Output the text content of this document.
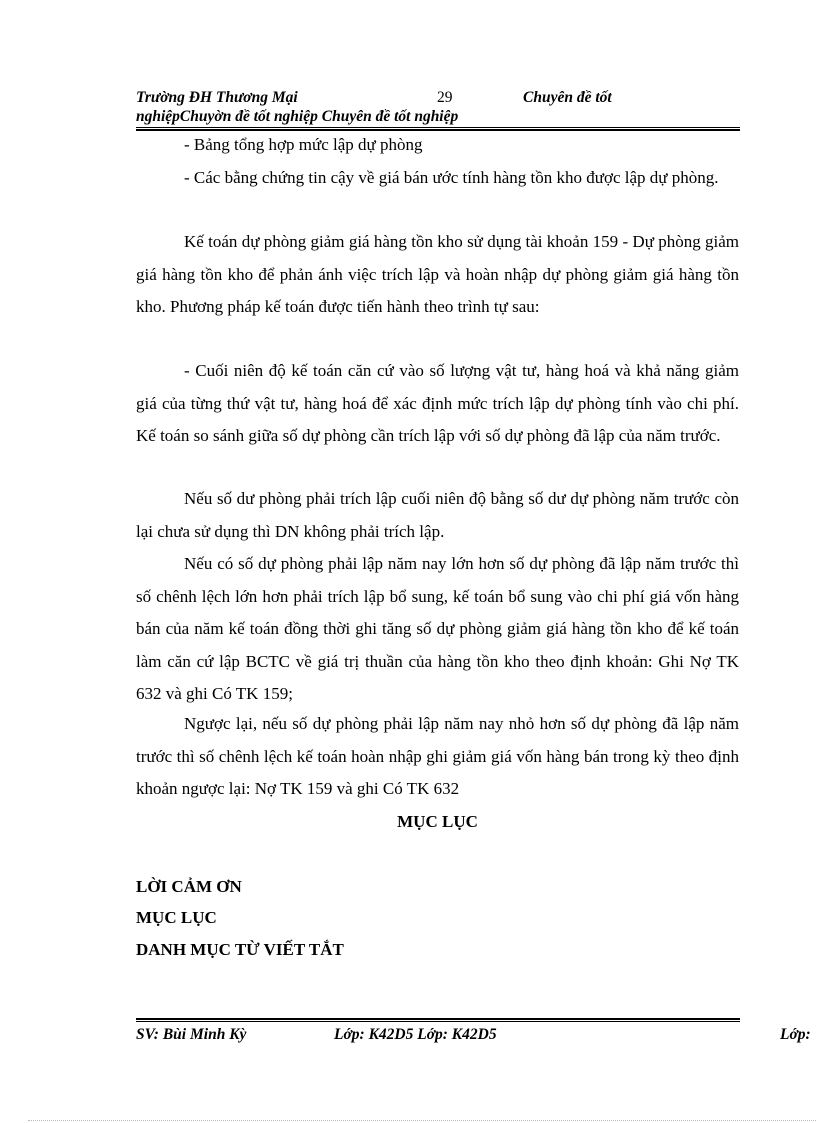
Trường ĐH Thương Mại	29	Chuyên đề tốt
nghiệpChuyờn đề tốt nghiệp Chuyên đề tốt nghiệp

- Bảng tổng hợp mức lập dự phòng

- Các bằng chứng tin cậy về giá bán ước tính hàng tồn kho được lập dự phòng.

Kế toán dự phòng giảm giá hàng tồn kho sử dụng tài khoản 159 - Dự phòng giảm giá hàng tồn kho để phản ánh việc trích lập và hoàn nhập dự phòng giảm giá hàng tồn kho. Phương pháp kế toán được tiến hành theo trình tự sau:

- Cuối niên độ kế toán căn cứ vào số lượng vật tư, hàng hoá và khả năng giảm giá của từng thứ vật tư, hàng hoá để xác định mức trích lập dự phòng tính vào chi phí. Kế toán so sánh giữa số dự phòng cần trích lập với số dự phòng đã lập của năm trước.

Nếu số dư phòng phải trích lập cuối niên độ bằng số dư dự phòng năm trước còn lại chưa sử dụng thì DN không phải trích lập.

Nếu có số dự phòng phải lập năm nay lớn hơn số dự phòng đã lập năm trước thì số chênh lệch lớn hơn phải trích lập bổ sung, kế toán bổ sung vào chi phí giá vốn hàng bán của năm kế toán đồng thời ghi tăng số dự phòng giảm giá hàng tồn kho để kế toán làm căn cứ lập BCTC về giá trị thuần của hàng tồn kho theo định khoản: Ghi Nợ TK 632 và ghi Có TK 159;

Ngược lại, nếu số dự phòng phải lập năm nay nhỏ hơn số dự phòng đã lập năm trước thì số chênh lệch kế toán hoàn nhập ghi giảm giá vốn hàng bán trong kỳ theo định khoản ngược lại: Nợ TK 159 và ghi Có TK 632

MỤC LỤC
LỜI CẢM ƠN
MỤC LỤC
DANH MỤC TỪ VIẾT TẮT
SV: Bùi Minh Kỳ	Lớp: K42D5 Lớp: K42D5	Lớp:
